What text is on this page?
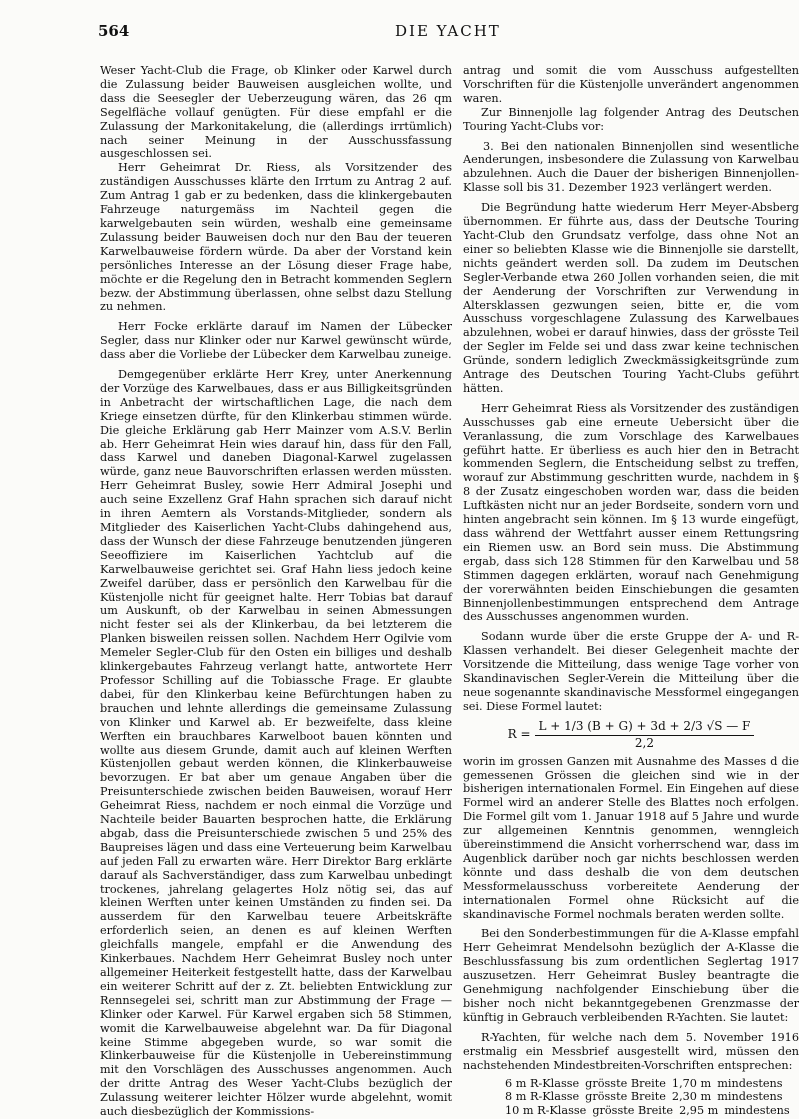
564	DIE YACHT

Weser Yacht-Club die Frage, ob Klinker oder Karwel durch die Zulassung beider Bauweisen ausgleichen wollte, und dass die Seesegler der Ueberzeugung wären, das 26 qm Segelfläche vollauf genügten. Für diese empfahl er die Zulassung der Markonitakelung, die (allerdings irrtümlich) nach seiner Meinung in der Ausschussfassung ausgeschlossen sei.

Herr Geheimrat Dr. Riess, als Vorsitzender des zuständigen Ausschusses klärte den Irrtum zu Antrag 2 auf. Zum Antrag 1 gab er zu bedenken, dass die klinkergebauten Fahrzeuge naturgemäss im Nachteil gegen die karwelgebauten sein würden, weshalb eine gemeinsame Zulassung beider Bauweisen doch nur den Bau der teueren Karwelbauweise fördern würde. Da aber der Vorstand kein persönliches Interesse an der Lösung dieser Frage habe, möchte er die Regelung den in Betracht kommenden Seglern bezw. der Abstimmung überlassen, ohne selbst dazu Stellung zu nehmen.

Herr Focke erklärte darauf im Namen der Lübecker Segler, dass nur Klinker oder nur Karwel gewünscht würde, dass aber die Vorliebe der Lübecker dem Karwelbau zuneige.

Demgegenüber erklärte Herr Krey, unter Anerkennung der Vorzüge des Karwelbaues, dass er aus Billigkeitsgründen in Anbetracht der wirtschaftlichen Lage, die nach dem Kriege einsetzen dürfte, für den Klinkerbau stimmen würde. Die gleiche Erklärung gab Herr Mainzer vom A.S.V. Berlin ab. Herr Geheimrat Hein wies darauf hin, dass für den Fall, dass Karwel und daneben Diagonal-Karwel zugelassen würde, ganz neue Bauvorschriften erlassen werden müssten. Herr Geheimrat Busley, sowie Herr Admiral Josephi und auch seine Exzellenz Graf Hahn sprachen sich darauf nicht in ihren Aemtern als Vorstands-Mitglieder, sondern als Mitglieder des Kaiserlichen Yacht-Clubs dahingehend aus, dass der Wunsch der diese Fahrzeuge benutzenden jüngeren Seeoffiziere im Kaiserlichen Yachtclub auf die Karwelbauweise gerichtet sei. Graf Hahn liess jedoch keine Zweifel darüber, dass er persönlich den Karwelbau für die Küstenjolle nicht für geeignet halte. Herr Tobias bat darauf um Auskunft, ob der Karwelbau in seinen Abmessungen nicht fester sei als der Klinkerbau, da bei letzterem die Planken bisweilen reissen sollen. Nachdem Herr Ogilvie vom Memeler Segler-Club für den Osten ein billiges und deshalb klinkergebautes Fahrzeug verlangt hatte, antwortete Herr Professor Schilling auf die Tobiassche Frage. Er glaubte dabei, für den Klinkerbau keine Befürchtungen haben zu brauchen und lehnte allerdings die gemeinsame Zulassung von Klinker und Karwel ab. Er bezweifelte, dass kleine Werften ein brauchbares Karwelboot bauen könnten und wollte aus diesem Grunde, damit auch auf kleinen Werften Küstenjollen gebaut werden können, die Klinkerbauweise bevorzugen. Er bat aber um genaue Angaben über die Preisunterschiede zwischen beiden Bauweisen, worauf Herr Geheimrat Riess, nachdem er noch einmal die Vorzüge und Nachteile beider Bauarten besprochen hatte, die Erklärung abgab, dass die Preisunterschiede zwischen 5 und 25% des Baupreises lägen und dass eine Verteuerung beim Karwelbau auf jeden Fall zu erwarten wäre. Herr Direktor Barg erklärte darauf als Sachverständiger, dass zum Karwelbau unbedingt trockenes, jahrelang gelagertes Holz nötig sei, das auf kleinen Werften unter keinen Umständen zu finden sei. Da ausserdem für den Karwelbau teuere Arbeitskräfte erforderlich seien, an denen es auf kleinen Werften gleichfalls mangele, empfahl er die Anwendung des Kinkerbaues. Nachdem Herr Geheimrat Busley noch unter allgemeiner Heiterkeit festgestellt hatte, dass der Karwelbau ein weiterer Schritt auf der z. Zt. beliebten Entwicklung zur Rennsegelei sei, schritt man zur Abstimmung der Frage — Klinker oder Karwel. Für Karwel ergaben sich 58 Stimmen, womit die Karwelbauweise abgelehnt war. Da für Diagonal keine Stimme abgegeben wurde, so war somit die Klinkerbauweise für die Küstenjolle in Uebereinstimmung mit den Vorschlägen des Ausschusses angenommen. Auch der dritte Antrag des Weser Yacht-Clubs bezüglich der Zulassung weiterer leichter Hölzer wurde abgelehnt, womit auch diesbezüglich der Kommissions-

antrag und somit die vom Ausschuss aufgestellten Vorschriften für die Küstenjolle unverändert angenommen waren.

Zur Binnenjolle lag folgender Antrag des Deutschen Touring Yacht-Clubs vor:

3. Bei den nationalen Binnenjollen sind wesentliche Aenderungen, insbesondere die Zulassung von Karwelbau abzulehnen. Auch die Dauer der bisherigen Binnenjollen-Klasse soll bis 31. Dezember 1923 verlängert werden.

Die Begründung hatte wiederum Herr Meyer-Absberg übernommen. Er führte aus, dass der Deutsche Touring Yacht-Club den Grundsatz verfolge, dass ohne Not an einer so beliebten Klasse wie die Binnenjolle sie darstellt, nichts geändert werden soll. Da zudem im Deutschen Segler-Verbande etwa 260 Jollen vorhanden seien, die mit der Aenderung der Vorschriften zur Verwendung in Altersklassen gezwungen seien, bitte er, die vom Ausschuss vorgeschlagene Zulassung des Karwelbaues abzulehnen, wobei er darauf hinwies, dass der grösste Teil der Segler im Felde sei und dass zwar keine technischen Gründe, sondern lediglich Zweckmässigkeitsgründe zum Antrage des Deutschen Touring Yacht-Clubs geführt hätten.

Herr Geheimrat Riess als Vorsitzender des zuständigen Ausschusses gab eine erneute Uebersicht über die Veranlassung, die zum Vorschlage des Karwelbaues geführt hatte. Er überliess es auch hier den in Betracht kommenden Seglern, die Entscheidung selbst zu treffen, worauf zur Abstimmung geschritten wurde, nachdem in § 8 der Zusatz eingeschoben worden war, dass die beiden Luftkästen nicht nur an jeder Bordseite, sondern vorn und hinten angebracht sein können. Im § 13 wurde eingefügt, dass während der Wettfahrt ausser einem Rettungsring ein Riemen usw. an Bord sein muss. Die Abstimmung ergab, dass sich 128 Stimmen für den Karwelbau und 58 Stimmen dagegen erklärten, worauf nach Genehmigung der vorerwähnten beiden Einschiebungen die gesamten Binnenjollenbestimmungen entsprechend dem Antrage des Ausschusses angenommen wurden.

Sodann wurde über die erste Gruppe der A- und R-Klassen verhandelt. Bei dieser Gelegenheit machte der Vorsitzende die Mitteilung, dass wenige Tage vorher von Skandinavischen Segler-Verein die Mitteilung über die neue sogenannte skandinavische Messformel eingegangen sei. Diese Formel lautet:

$R = \frac{L + 1/3 (B + G) + 3d + 2/3 √S — F}{2,2}$

worin im grossen Ganzen mit Ausnahme des Masses d die gemessenen Grössen die gleichen sind wie in der bisherigen internationalen Formel. Ein Eingehen auf diese Formel wird an anderer Stelle des Blattes noch erfolgen. Die Formel gilt vom 1. Januar 1918 auf 5 Jahre und wurde zur allgemeinen Kenntnis genommen, wenngleich übereinstimmend die Ansicht vorherrschend war, dass im Augenblick darüber noch gar nichts beschlossen werden könnte und dass deshalb die von dem deutschen Messformelausschuss vorbereitete Aenderung der internationalen Formel ohne Rücksicht auf die skandinavische Formel nochmals beraten werden sollte.

Bei den Sonderbestimmungen für die A-Klasse empfahl Herr Geheimrat Mendelsohn bezüglich der A-Klasse die Beschlussfassung bis zum ordentlichen Seglertag 1917 auszusetzen. Herr Geheimrat Busley beantragte die Genehmigung nachfolgender Einschiebung über die bisher noch nicht bekanntgegebenen Grenzmasse der künftig in Gebrauch verbleibenden R-Yachten. Sie lautet:

R-Yachten, für welche nach dem 5. November 1916 erstmalig ein Messbrief ausgestellt wird, müssen den nachstehenden Mindestbreiten-Vorschriften entsprechen:

6 m R-Klasse grösste Breite 1,70 m mindestens
8 m R-Klasse grösste Breite 2,30 m mindestens
10 m R-Klasse grösste Breite 2,95 m mindestens
